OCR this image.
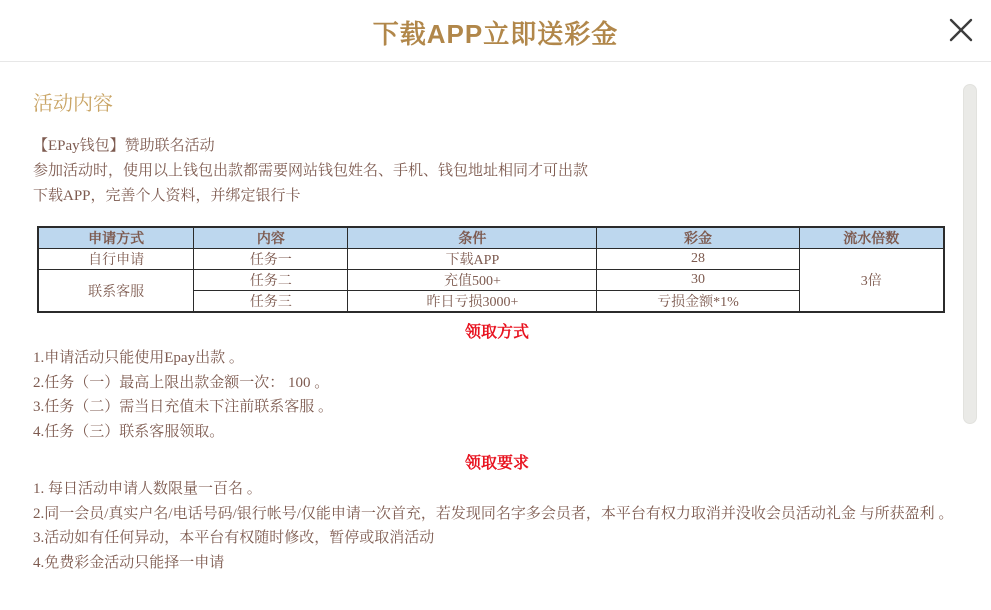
下载APP立即送彩金
活动内容

【EPay钱包】赞助联名活动

参加活动时，使用以上钱包出款都需要网站钱包姓名、手机、钱包地址相同才可出款

下载APP，完善个人资料，并绑定银行卡

申请方式	内容	条件	彩金	流水倍数
自行申请	任务一	下载APP	28	3倍
联系客服	任务二	充值500+	30	
	任务三	昨日亏损3000+	亏损金额*1%	
领取方式
1.申请活动只能使用Epay出款 。
2.任务（一）最高上限出款金额一次： 100 。
3.任务（二）需当日充值未下注前联系客服 。
4.任务（三）联系客服领取。
领取要求
1. 每日活动申请人数限量一百名 。
2.同一会员/真实户名/电话号码/银行帐号/仅能申请一次首充，若发现同名字多会员者，本平台有权力取消并没收会员活动礼金 与所获盈利 。
3.活动如有任何异动，本平台有权随时修改，暂停或取消活动
4.免费彩金活动只能择一申请
